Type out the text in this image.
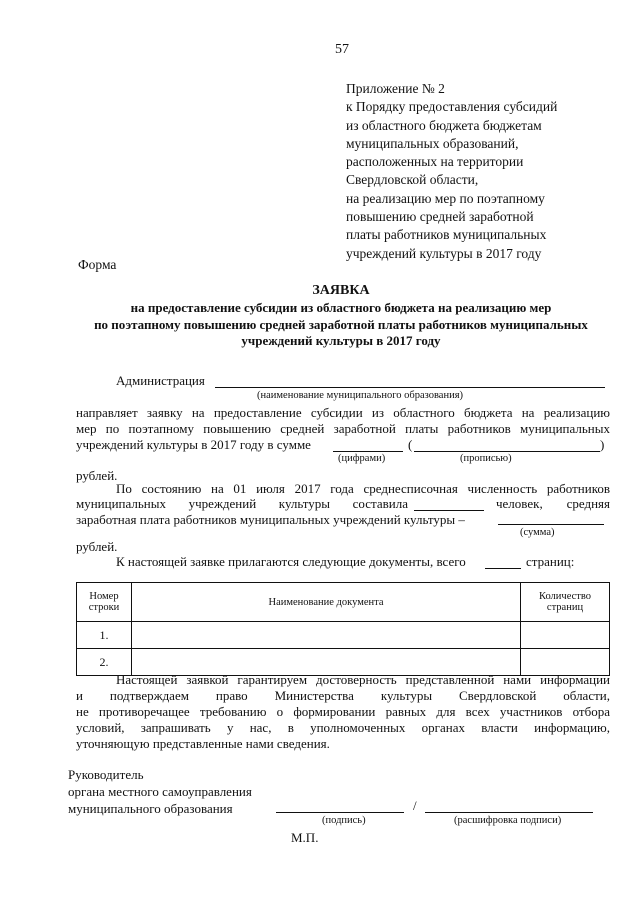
57
Приложение № 2
к Порядку предоставления субсидий
из областного бюджета бюджетам
муниципальных образований,
расположенных на территории
Свердловской области,
на реализацию мер по поэтапному
повышению средней заработной
платы работников муниципальных
учреждений культуры в 2017 году
Форма
ЗАЯВКА
на предоставление субсидии из областного бюджета на реализацию мер
по поэтапному повышению средней заработной платы работников муниципальных
учреждений культуры в 2017 году
Администрация
(наименование муниципального образования)
направляет заявку на предоставление субсидии из областного бюджета на реализацию
мер по поэтапному повышению средней заработной платы работников муниципальных
учреждений культуры в 2017 году в сумме	(	)
(цифрами)	(прописью)
рублей.
По состоянию на 01 июля 2017 года среднесписочная численность работников
муниципальных учреждений культуры составила	человек, средняя
заработная плата работников муниципальных учреждений культуры –
(сумма)
рублей.
К настоящей заявке прилагаются следующие документы, всего	страниц:
Номер строки	Наименование документа	Количество страниц
1.		
2.		
Настоящей заявкой гарантируем достоверность представленной нами информации
и подтверждаем право Министерства культуры Свердловской области,
не противоречащее требованию о формировании равных для всех участников отбора
условий, запрашивать у нас, в уполномоченных органах власти информацию,
уточняющую представленные нами сведения.
Руководитель
органа местного самоуправления
муниципального образования	/
(подпись)	(расшифровка подписи)
М.П.
